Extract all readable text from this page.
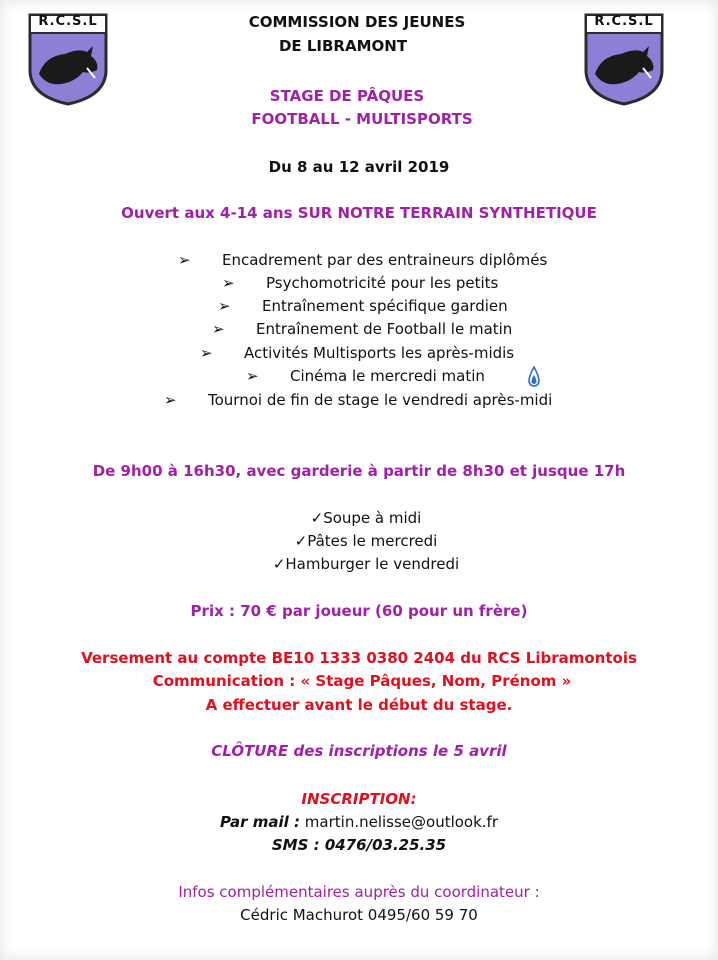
R.C.S.L	R.C.S.L
COMMISSION DES JEUNES
DE LIBRAMONT
STAGE DE PÂQUES
FOOTBALL - MULTISPORTS
Du 8 au 12 avril 2019
Ouvert aux 4-14 ans SUR NOTRE TERRAIN SYNTHETIQUE
➢ Encadrement par des entraineurs diplômés
➢ Psychomotricité pour les petits
➢ Entraînement spécifique gardien
➢ Entraînement de Football le matin
➢ Activités Multisports les après-midis
➢ Cinéma le mercredi matin
➢ Tournoi de fin de stage le vendredi après-midi
De 9h00 à 16h30, avec garderie à partir de 8h30 et jusque 17h
✓Soupe à midi
✓Pâtes le mercredi
✓Hamburger le vendredi
Prix : 70 € par joueur (60 pour un frère)
Versement au compte BE10 1333 0380 2404 du RCS Libramontois
Communication : « Stage Pâques, Nom, Prénom »
A effectuer avant le début du stage.
CLÔTURE des inscriptions le 5 avril
INSCRIPTION:
Par mail : martin.nelisse@outlook.fr
SMS : 0476/03.25.35
Infos complémentaires auprès du coordinateur :
Cédric Machurot 0495/60 59 70
